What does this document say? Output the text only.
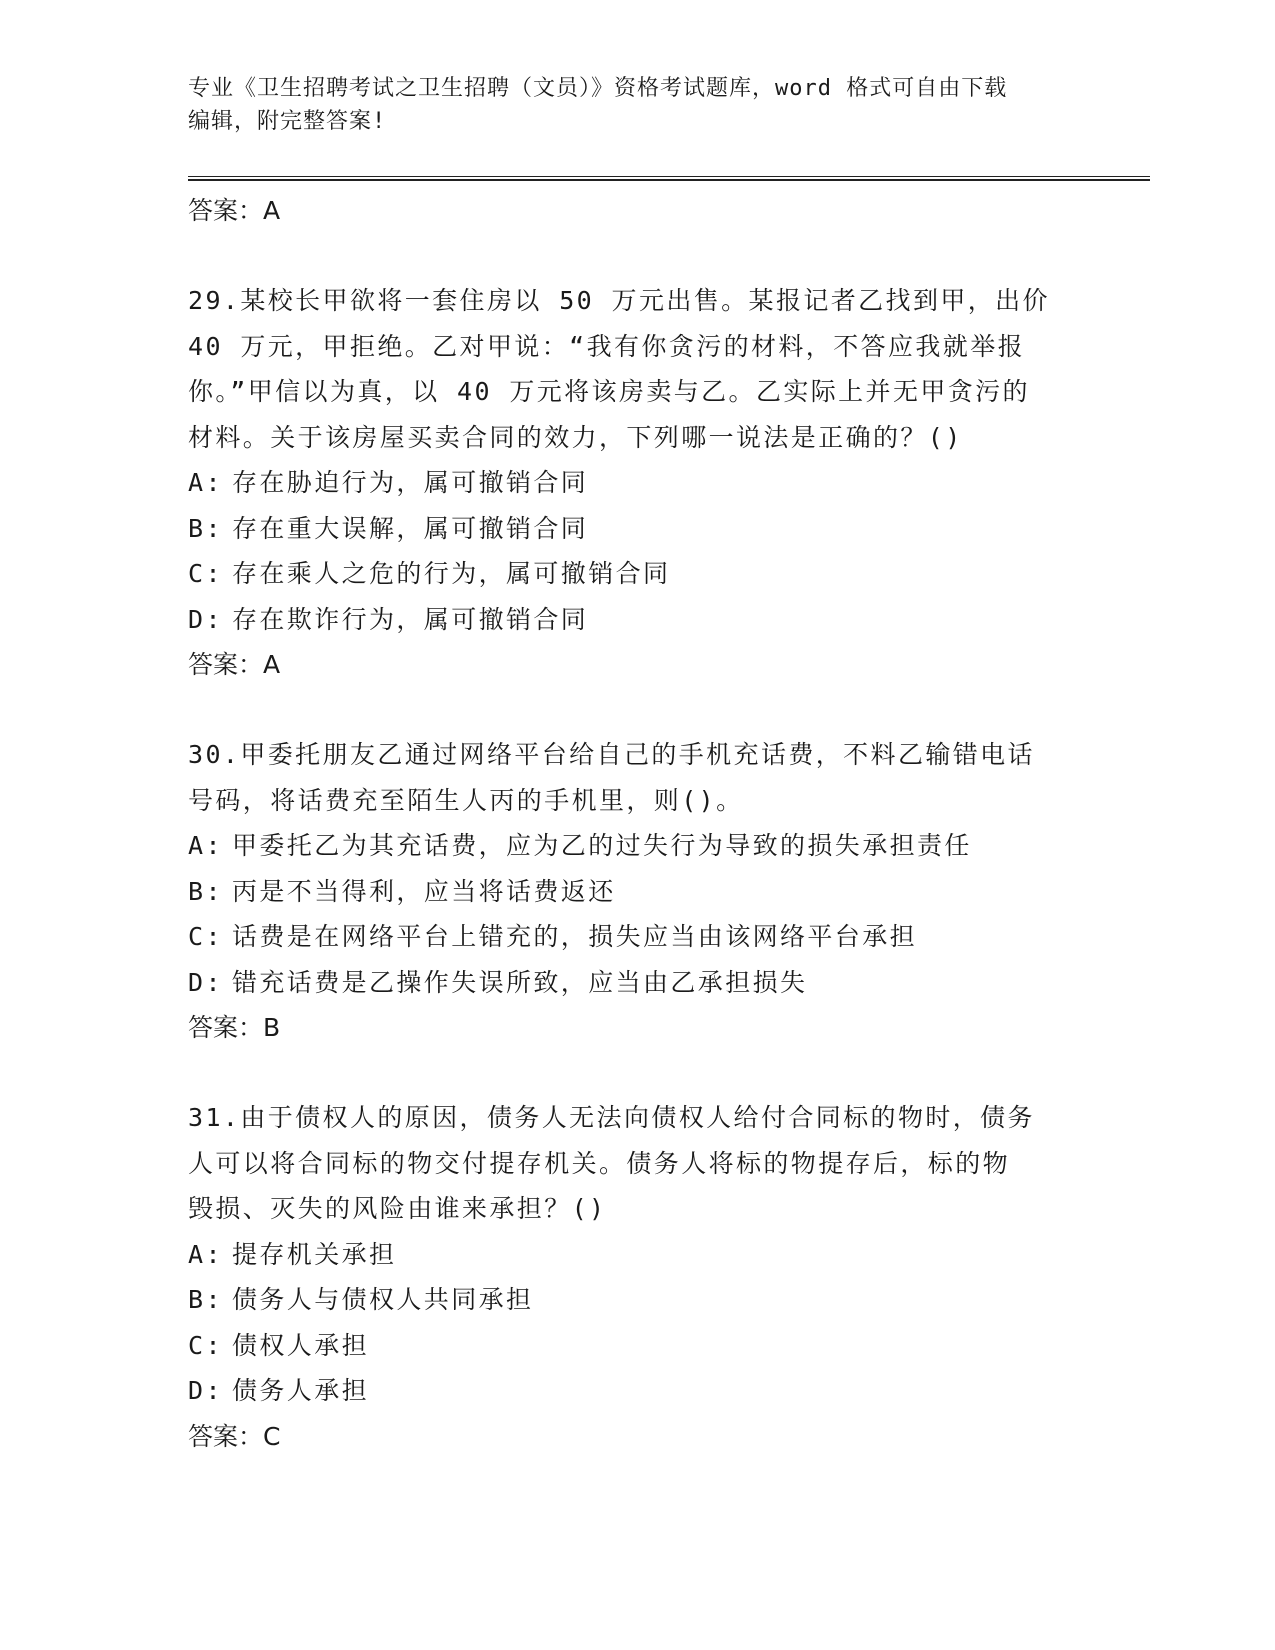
专业《卫生招聘考试之卫生招聘（文员）》资格考试题库，word 格式可自由下载
编辑，附完整答案!
答案：A
29.某校长甲欲将一套住房以 50 万元出售。某报记者乙找到甲，出价
40 万元，甲拒绝。乙对甲说：“我有你贪污的材料，不答应我就举报
你。”甲信以为真，以 40 万元将该房卖与乙。乙实际上并无甲贪污的
材料。关于该房屋买卖合同的效力，下列哪一说法是正确的？()
A: 存在胁迫行为，属可撤销合同
B: 存在重大误解，属可撤销合同
C: 存在乘人之危的行为，属可撤销合同
D: 存在欺诈行为，属可撤销合同
答案：A
30.甲委托朋友乙通过网络平台给自己的手机充话费，不料乙输错电话
号码，将话费充至陌生人丙的手机里，则()。
A: 甲委托乙为其充话费，应为乙的过失行为导致的损失承担责任
B: 丙是不当得利，应当将话费返还
C: 话费是在网络平台上错充的，损失应当由该网络平台承担
D: 错充话费是乙操作失误所致，应当由乙承担损失
答案：B
31.由于债权人的原因，债务人无法向债权人给付合同标的物时，债务
人可以将合同标的物交付提存机关。债务人将标的物提存后，标的物
毁损、灭失的风险由谁来承担？()
A: 提存机关承担
B: 债务人与债权人共同承担
C: 债权人承担
D: 债务人承担
答案：C
